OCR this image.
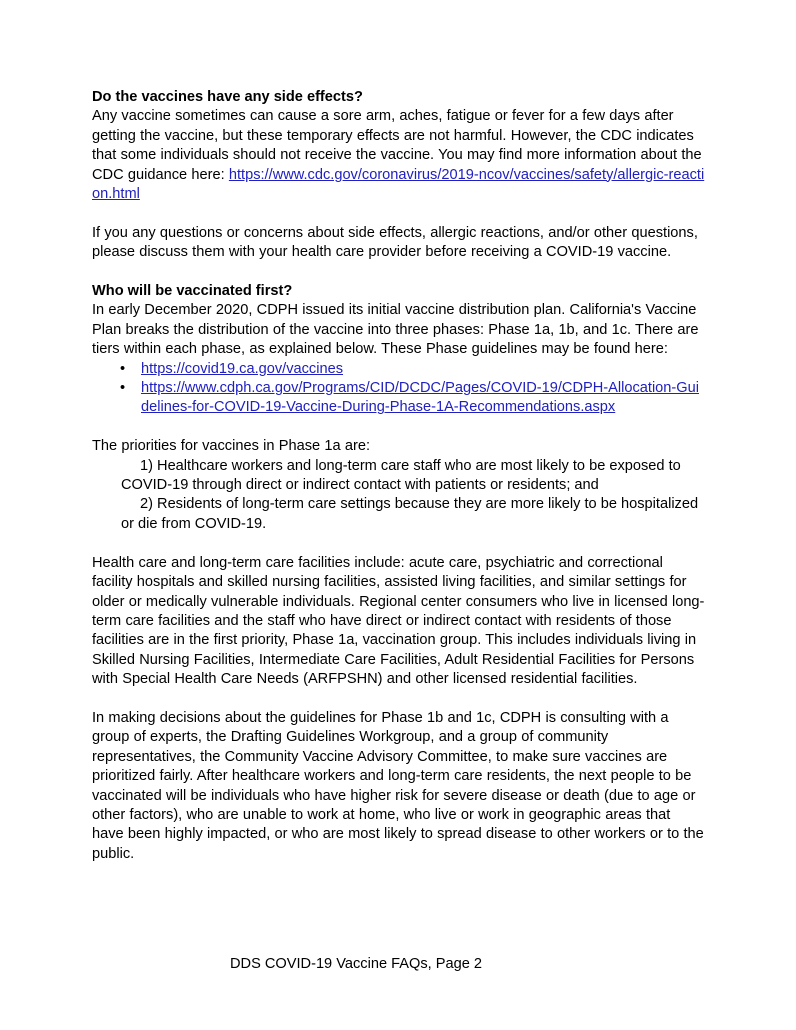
Do the vaccines have any side effects?

Any vaccine sometimes can cause a sore arm, aches, fatigue or fever for a few days after getting the vaccine, but these temporary effects are not harmful. However, the CDC indicates that some individuals should not receive the vaccine. You may find more information about the CDC guidance here: https://www.cdc.gov/coronavirus/2019-ncov/vaccines/safety/allergic-reaction.html

If you any questions or concerns about side effects, allergic reactions, and/or other questions, please discuss them with your health care provider before receiving a COVID-19 vaccine.

Who will be vaccinated first?

In early December 2020, CDPH issued its initial vaccine distribution plan. California's Vaccine Plan breaks the distribution of the vaccine into three phases: Phase 1a, 1b, and 1c. There are tiers within each phase, as explained below. These Phase guidelines may be found here:

• https://covid19.ca.gov/vaccines
• https://www.cdph.ca.gov/Programs/CID/DCDC/Pages/COVID-19/CDPH-Allocation-Guidelines-for-COVID-19-Vaccine-During-Phase-1A-Recommendations.aspx

The priorities for vaccines in Phase 1a are:

1) Healthcare workers and long-term care staff who are most likely to be exposed to COVID-19 through direct or indirect contact with patients or residents; and
2) Residents of long-term care settings because they are more likely to be hospitalized or die from COVID-19.

Health care and long-term care facilities include: acute care, psychiatric and correctional facility hospitals and skilled nursing facilities, assisted living facilities, and similar settings for older or medically vulnerable individuals. Regional center consumers who live in licensed long-term care facilities and the staff who have direct or indirect contact with residents of those facilities are in the first priority, Phase 1a, vaccination group. This includes individuals living in Skilled Nursing Facilities, Intermediate Care Facilities, Adult Residential Facilities for Persons with Special Health Care Needs (ARFPSHN) and other licensed residential facilities.

In making decisions about the guidelines for Phase 1b and 1c, CDPH is consulting with a group of experts, the Drafting Guidelines Workgroup, and a group of community representatives, the Community Vaccine Advisory Committee, to make sure vaccines are prioritized fairly. After healthcare workers and long-term care residents, the next people to be vaccinated will be individuals who have higher risk for severe disease or death (due to age or other factors), who are unable to work at home, who live or work in geographic areas that have been highly impacted, or who are most likely to spread disease to other workers or to the public.

DDS COVID-19 Vaccine FAQs, Page 2
